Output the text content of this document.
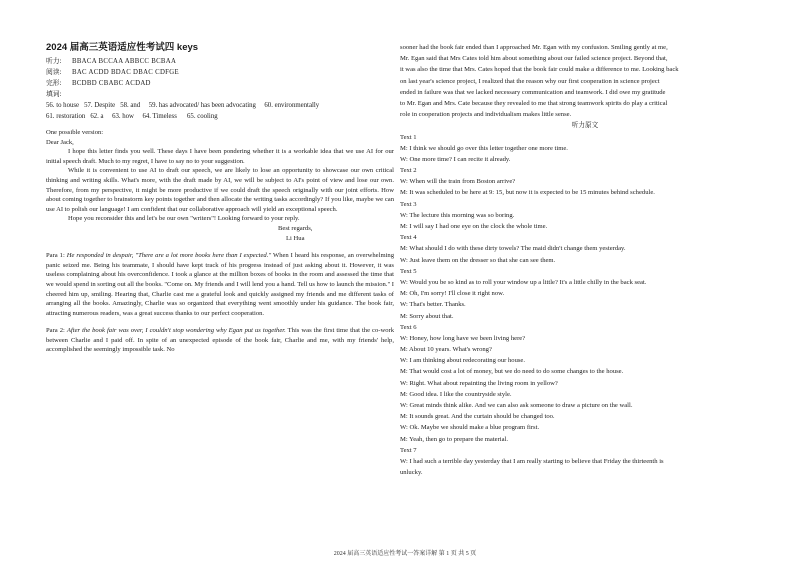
2024 届高三英语适应性考试四 keys
听力: BBACA BCCAA ABBCC BCBAA
阅读: BAC ACDD BDAC DBAC CDFGE
完形: BCDBD CBABC ACDAD
填词:
56. to house   57. Despite   58. and     59. has advocated/ has been advocating     60. environmentally
61. restoration   62. a     63. how     64. Timeless      65. cooling
One possible version:
Dear Jack,

I hope this letter finds you well. These days I have been pondering whether it is a workable idea that we use AI for our initial speech draft. Much to my regret, I have to say no to your suggestion.

While it is convenient to use AI to draft our speech, we are likely to lose an opportunity to showcase our own critical thinking and writing skills. What's more, with the draft made by AI, we will be subject to AI's point of view and lose our own. Therefore, from my perspective, it might be more productive if we could draft the speech originally with our joint efforts. How about coming together to brainstorm key points together and then allocate the writing tasks accordingly? If you like, maybe we can use AI to polish our language! I am confident that our collaborative approach will yield an exceptional speech.

Hope you reconsider this and let's be our own "writers"! Looking forward to your reply.

Best regards,
Li Hua

Para 1: He responded in despair, "There are a lot more books here than I expected." When I heard his response, an overwhelming panic seized me. Being his teammate, I should have kept track of his progress instead of just asking about it. However, it was useless complaining about his overconfidence. I took a glance at the million boxes of books in the room and assessed the time that we would spend in sorting out all the books. "Come on. My friends and I will lend you a hand. Tell us how to launch the mission." I cheered him up, smiling. Hearing that, Charlie cast me a grateful look and quickly assigned my friends and me different tasks of arranging all the books. Amazingly, Charlie was so organized that everything went smoothly under his guidance. The book fair, attracting numerous readers, was a great success thanks to our perfect cooperation.

Para 2: After the book fair was over, I couldn't stop wondering why Egan put us together. This was the first time that the co-work between Charlie and I paid off. In spite of an unexpected episode of the book fair, Charlie and me, with my friends' help, accomplished the seemingly impossible task. No

sooner had the book fair ended than I approached Mr. Egan with my confusion. Smiling gently at me,
Mr. Egan said that Mrs Cates told him about something about our failed science project. Beyond that,
it was also the time that Mrs. Cates hoped that the book fair could make a difference to me. Looking back
on last year's science project, I realized that the reason why our first cooperation in science project
ended in failure was that we lacked necessary communication and teamwork. I did owe my gratitude
to Mr. Egan and Mrs. Cate because they revealed to me that strong teamwork spirits do play a critical
role in cooperation projects and individualism makes little sense.
听力原文
Text 1
M: I think we should go over this letter together one more time.
W: One more time? I can recite it already.
Text 2
W: When will the train from Boston arrive?
M: It was scheduled to be here at 9: 15, but now it is expected to be 15 minutes behind schedule.
Text 3
W: The lecture this morning was so boring.
M: I will say I had one eye on the clock the whole time.
Text 4
M: What should I do with these dirty towels? The maid didn't change them yesterday.
W: Just leave them on the dresser so that she can see them.
Text 5
W: Would you be so kind as to roll your window up a little? It's a little chilly in the back seat.
M: Oh, I'm sorry! I'll close it right now.
W: That's better. Thanks.
M: Sorry about that.
Text 6
W: Honey, how long have we been living here?
M: About 10 years. What's wrong?
W: I am thinking about redecorating our house.
M: That would cost a lot of money, but we do need to do some changes to the house.
W: Right. What about repainting the living room in yellow?
M: Good idea. I like the countryside style.
W: Great minds think alike. And we can also ask someone to draw a picture on the wall.
M: It sounds great. And the curtain should be changed too.
W: Ok. Maybe we should make a blue program first.
M: Yeah, then go to prepare the material.
Text 7
W: I had such a terrible day yesterday that I am really starting to believe that Friday the thirteenth is
unlucky.
2024 届高三英语适应性考试一答案详解 第 1 页 共 5 页
